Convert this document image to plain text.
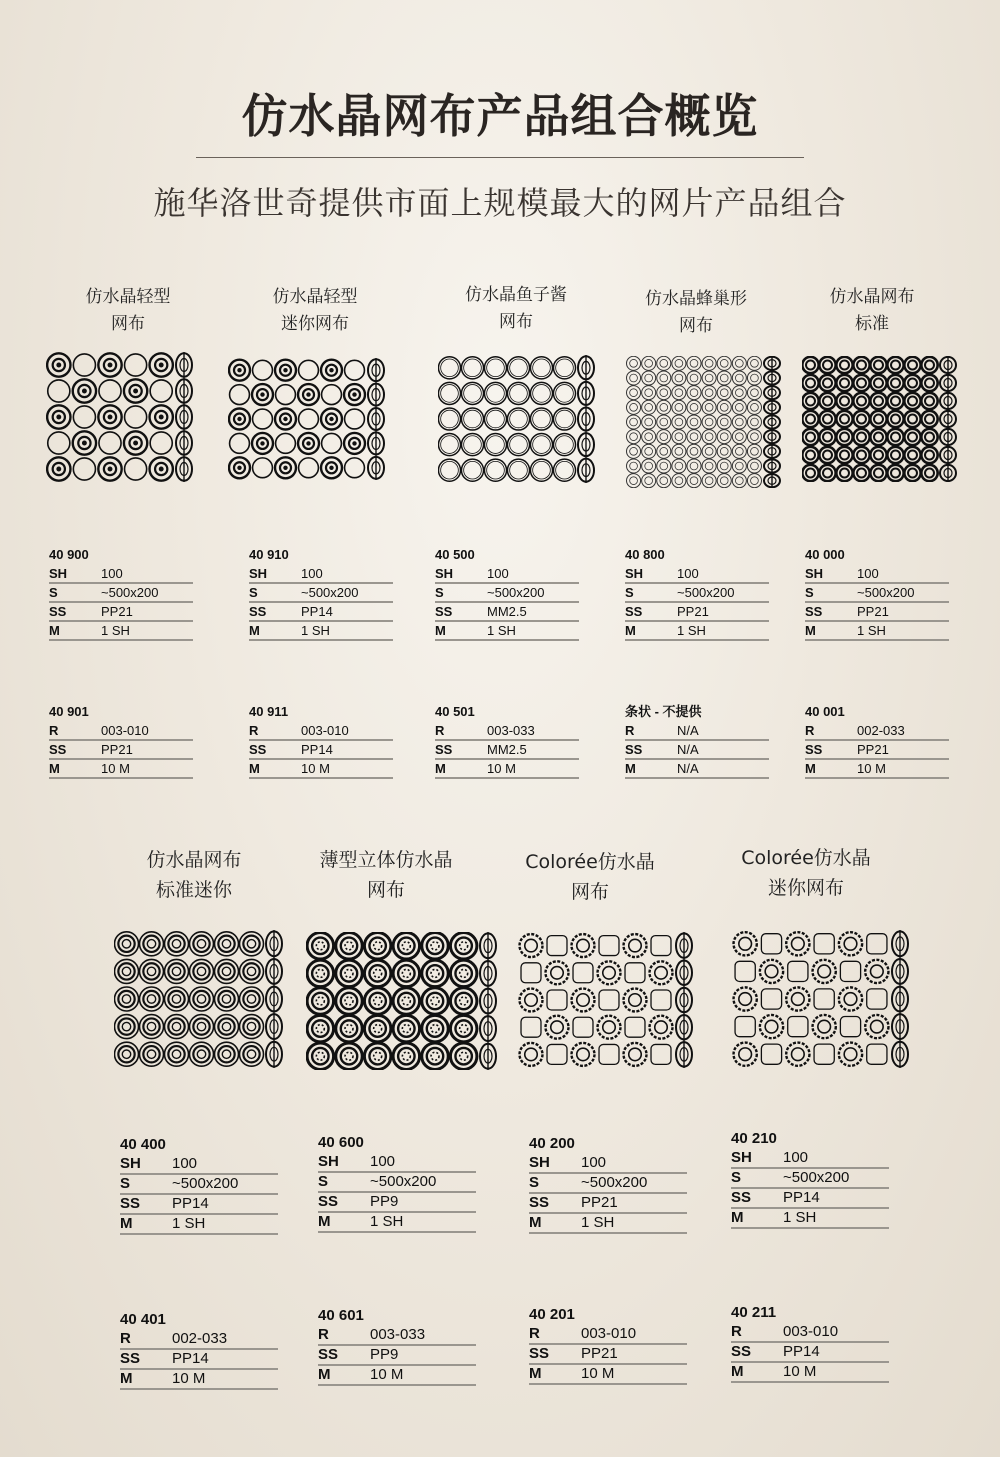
仿水晶网布产品组合概览
施华洛世奇提供市面上规模最大的网片产品组合
仿水晶轻型
网布
40 900
SH	100
S	~500x200
SS	PP21
M	1 SH
40 901
R	003-010
SS	PP21
M	10 M
仿水晶轻型
迷你网布
40 910
SH	100
S	~500x200
SS	PP14
M	1 SH
40 911
R	003-010
SS	PP14
M	10 M
仿水晶鱼子酱
网布
40 500
SH	100
S	~500x200
SS	MM2.5
M	1 SH
40 501
R	003-033
SS	MM2.5
M	10 M
仿水晶蜂巢形
网布
40 800
SH	100
S	~500x200
SS	PP21
M	1 SH
条状 - 不提供
R	N/A
SS	N/A
M	N/A
仿水晶网布
标准
40 000
SH	100
S	~500x200
SS	PP21
M	1 SH
40 001
R	002-033
SS	PP21
M	10 M
仿水晶网布
标准迷你
40 400
SH	100
S	~500x200
SS	PP14
M	1 SH
40 401
R	002-033
SS	PP14
M	10 M
薄型立体仿水晶
网布
40 600
SH	100
S	~500x200
SS	PP9
M	1 SH
40 601
R	003-033
SS	PP9
M	10 M
Colorée仿水晶
网布
40 200
SH	100
S	~500x200
SS	PP21
M	1 SH
40 201
R	003-010
SS	PP21
M	10 M
Colorée仿水晶
迷你网布
40 210
SH	100
S	~500x200
SS	PP14
M	1 SH
40 211
R	003-010
SS	PP14
M	10 M
